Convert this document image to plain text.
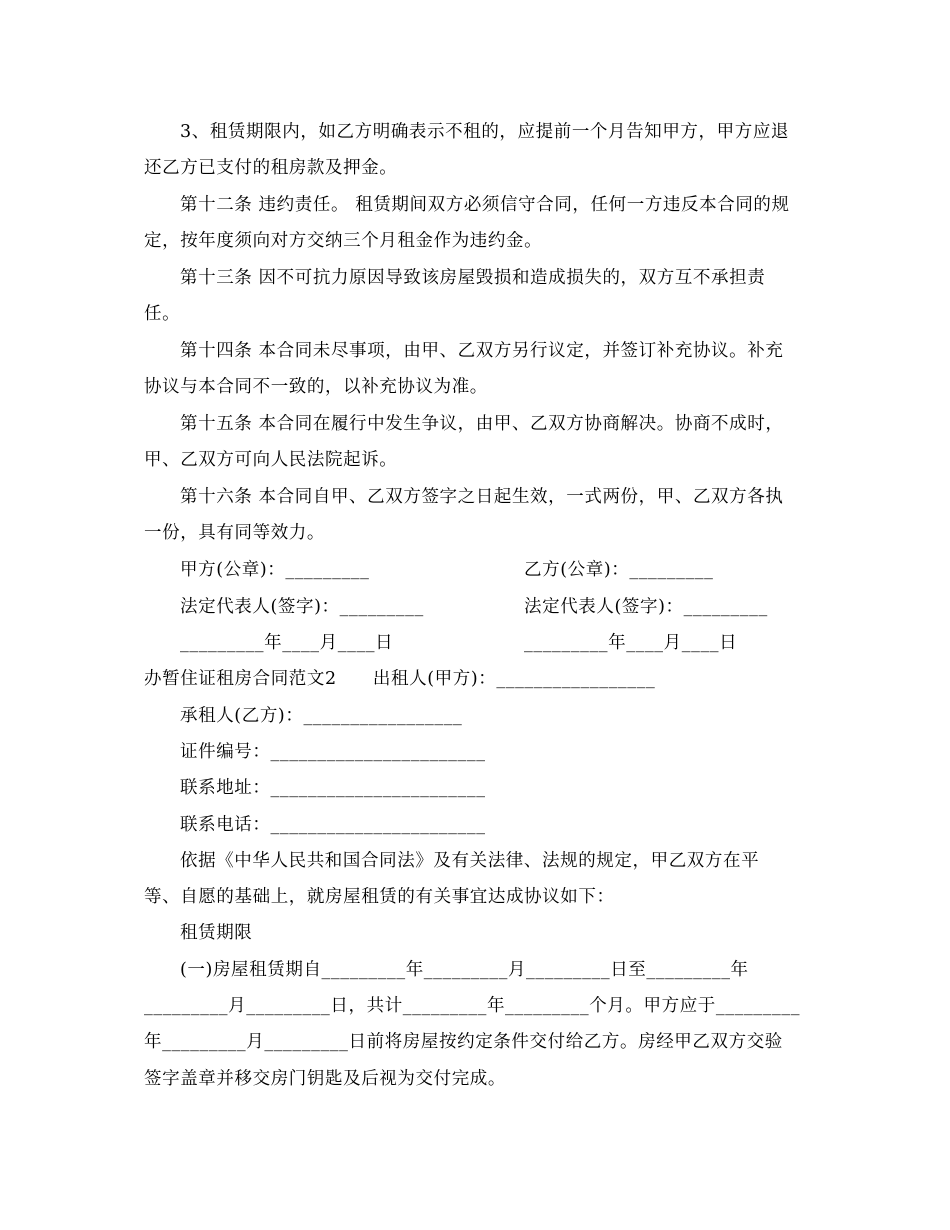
3、租赁期限内，如乙方明确表示不租的，应提前一个月告知甲方，甲方应退
还乙方已支付的租房款及押金。
第十二条 违约责任。 租赁期间双方必须信守合同，任何一方违反本合同的规
定，按年度须向对方交纳三个月租金作为违约金。
第十三条 因不可抗力原因导致该房屋毁损和造成损失的，双方互不承担责
任。
第十四条 本合同未尽事项，由甲、乙双方另行议定，并签订补充协议。补充
协议与本合同不一致的，以补充协议为准。
第十五条 本合同在履行中发生争议，由甲、乙双方协商解决。协商不成时，
甲、乙双方可向人民法院起诉。
第十六条 本合同自甲、乙双方签字之日起生效，一式两份，甲、乙双方各执
一份，具有同等效力。
甲方(公章)：_________	乙方(公章)：_________
法定代表人(签字)：_________	法定代表人(签字)：_________
_________年____月____日	_________年____月____日
办暂住证租房合同范文2　　出租人(甲方)：_________________
承租人(乙方)：_________________
证件编号：_______________________
联系地址：_______________________
联系电话：_______________________
依据《中华人民共和国合同法》及有关法律、法规的规定，甲乙双方在平
等、自愿的基础上，就房屋租赁的有关事宜达成协议如下：
租赁期限
(一)房屋租赁期自_________年_________月_________日至_________年
_________月_________日，共计_________年_________个月。甲方应于_________
年_________月_________日前将房屋按约定条件交付给乙方。房经甲乙双方交验
签字盖章并移交房门钥匙及后视为交付完成。
